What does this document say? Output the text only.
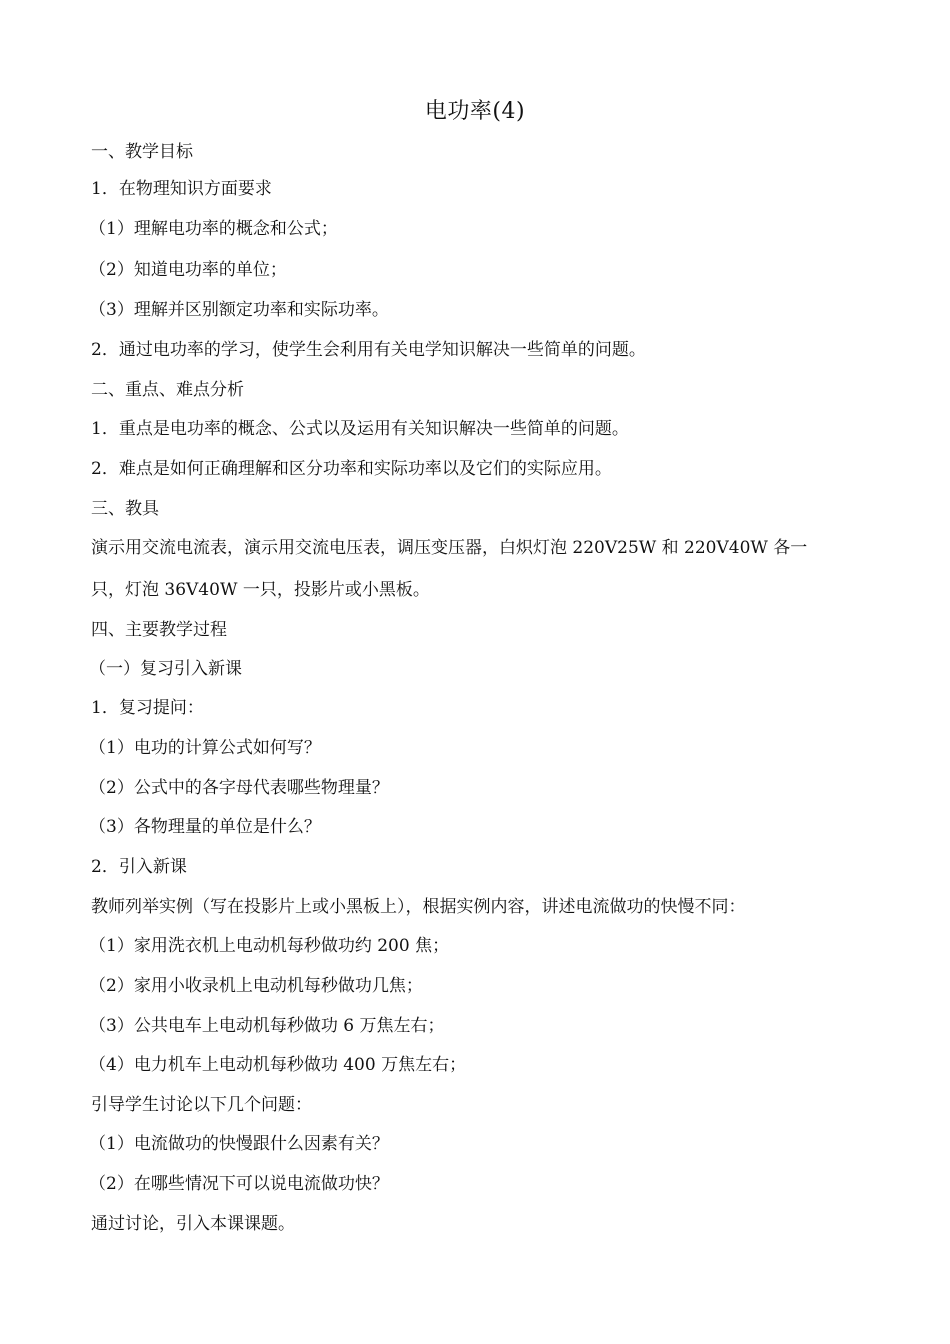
电功率(4)
一、教学目标
1．在物理知识方面要求
（1）理解电功率的概念和公式；
（2）知道电功率的单位；
（3）理解并区别额定功率和实际功率。
2．通过电功率的学习，使学生会利用有关电学知识解决一些简单的问题。
二、重点、难点分析
1．重点是电功率的概念、公式以及运用有关知识解决一些简单的问题。
2．难点是如何正确理解和区分功率和实际功率以及它们的实际应用。
三、教具
演示用交流电流表，演示用交流电压表，调压变压器，白炽灯泡 220V25W 和 220V40W 各一
只，灯泡 36V40W 一只，投影片或小黑板。
四、主要教学过程
（一）复习引入新课
1．复习提问：
（1）电功的计算公式如何写？
（2）公式中的各字母代表哪些物理量？
（3）各物理量的单位是什么？
2．引入新课
教师列举实例（写在投影片上或小黑板上），根据实例内容，讲述电流做功的快慢不同：
（1）家用洗衣机上电动机每秒做功约 200 焦；
（2）家用小收录机上电动机每秒做功几焦；
（3）公共电车上电动机每秒做功 6 万焦左右；
（4）电力机车上电动机每秒做功 400 万焦左右；
引导学生讨论以下几个问题：
（1）电流做功的快慢跟什么因素有关？
（2）在哪些情况下可以说电流做功快？
通过讨论，引入本课课题。
